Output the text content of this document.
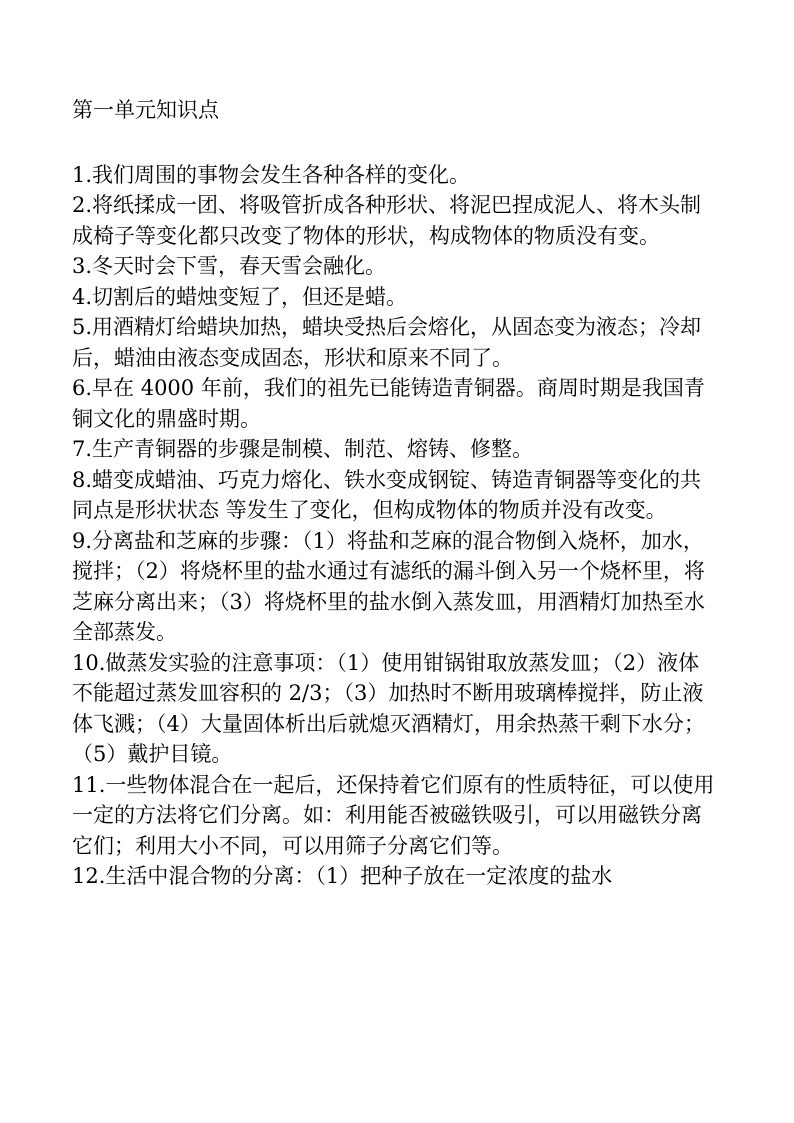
第一单元知识点

1.我们周围的事物会发生各种各样的变化。

2.将纸揉成一团、将吸管折成各种形状、将泥巴捏成泥人、将木头制成椅子等变化都只改变了物体的形状，构成物体的物质没有变。

3.冬天时会下雪，春天雪会融化。

4.切割后的蜡烛变短了，但还是蜡。

5.用酒精灯给蜡块加热，蜡块受热后会熔化，从固态变为液态；冷却后，蜡油由液态变成固态，形状和原来不同了。

6.早在 4000 年前，我们的祖先已能铸造青铜器。商周时期是我国青铜文化的鼎盛时期。

7.生产青铜器的步骤是制模、制范、熔铸、修整。

8.蜡变成蜡油、巧克力熔化、铁水变成钢锭、铸造青铜器等变化的共同点是形状状态 等发生了变化，但构成物体的物质并没有改变。

9.分离盐和芝麻的步骤：（1）将盐和芝麻的混合物倒入烧杯，加水，搅拌；（2）将烧杯里的盐水通过有滤纸的漏斗倒入另一个烧杯里，将芝麻分离出来；（3）将烧杯里的盐水倒入蒸发皿，用酒精灯加热至水全部蒸发。

10.做蒸发实验的注意事项：（1）使用钳锅钳取放蒸发皿；（2）液体不能超过蒸发皿容积的 2/3；（3）加热时不断用玻璃棒搅拌，防止液体飞溅；（4）大量固体析出后就熄灭酒精灯，用余热蒸干剩下水分；（5）戴护目镜。

11.一些物体混合在一起后，还保持着它们原有的性质特征，可以使用一定的方法将它们分离。如：利用能否被磁铁吸引，可以用磁铁分离它们；利用大小不同，可以用筛子分离它们等。

12.生活中混合物的分离：（1）把种子放在一定浓度的盐水
